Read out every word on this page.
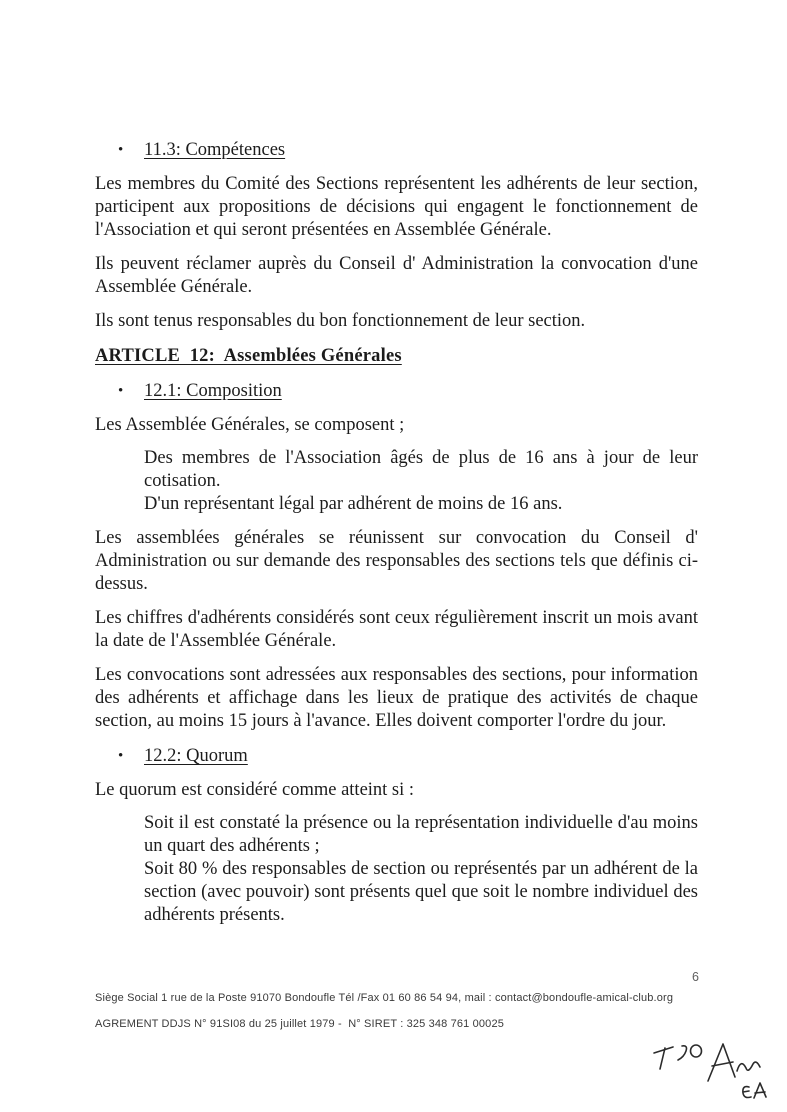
•	11.3: Compétences

Les membres du Comité des Sections représentent les adhérents de leur section, participent aux propositions de décisions qui engagent le fonctionnement de l'Association et qui seront présentées en Assemblée Générale.

Ils peuvent réclamer auprès du Conseil d' Administration la convocation d'une Assemblée Générale.

Ils sont tenus responsables du bon fonctionnement de leur section.

ARTICLE  12:  Assemblées Générales
•	12.1: Composition

Les Assemblée Générales, se composent ;

Des membres de l'Association âgés de plus de 16 ans à jour de leur cotisation.

D'un représentant légal par adhérent de moins de 16 ans.

Les assemblées générales se réunissent sur convocation du Conseil d' Administration ou sur demande des responsables des sections tels que définis ci-dessus.

Les chiffres d'adhérents considérés sont ceux régulièrement inscrit un mois avant la date de l'Assemblée Générale.

Les convocations sont adressées aux responsables des sections, pour information des adhérents et affichage dans les lieux de pratique des activités de chaque section, au moins 15 jours à l'avance. Elles doivent comporter l'ordre du jour.

•	12.2: Quorum

Le quorum est considéré comme atteint si :

Soit il est constaté la présence ou la représentation individuelle d'au moins un quart des adhérents ;

Soit 80 % des responsables de section ou représentés par un adhérent de la section (avec pouvoir) sont présents quel que soit le nombre individuel des adhérents présents.

6
Siège Social 1 rue de la Poste 91070 Bondoufle Tél /Fax 01 60 86 54 94, mail : contact@bondoufle-amical-club.org
AGREMENT DDJS N° 91SI08 du 25 juillet 1979 -  N° SIRET : 325 348 761 00025
